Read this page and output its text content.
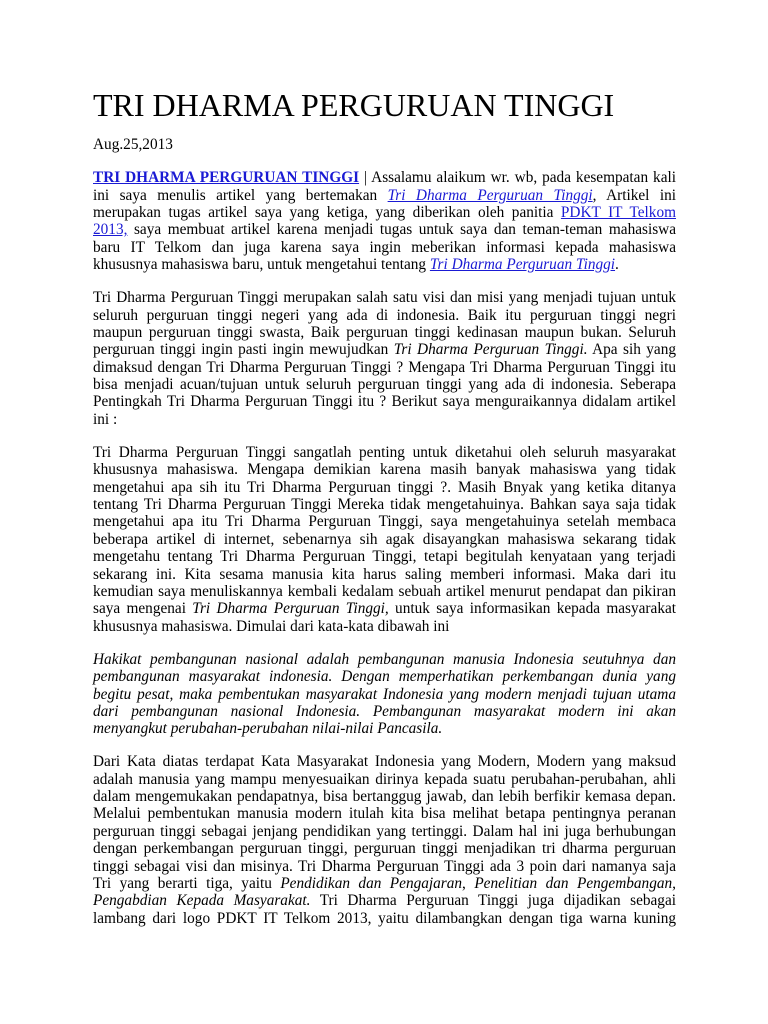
TRI DHARMA PERGURUAN TINGGI
Aug.25,2013
TRI DHARMA PERGURUAN TINGGI | Assalamu alaikum wr. wb, pada kesempatan kali
ini saya menulis artikel yang bertemakan Tri Dharma Perguruan Tinggi, Artikel ini
merupakan tugas artikel saya yang ketiga, yang diberikan oleh panitia PDKT IT Telkom
2013, saya membuat artikel karena menjadi tugas untuk saya dan teman-teman mahasiswa
baru IT Telkom dan juga karena saya ingin meberikan informasi kepada mahasiswa
khususnya mahasiswa baru, untuk mengetahui tentang Tri Dharma Perguruan Tinggi.
Tri Dharma Perguruan Tinggi merupakan salah satu visi dan misi yang menjadi tujuan untuk
seluruh perguruan tinggi negeri yang ada di indonesia. Baik itu perguruan tinggi negri
maupun perguruan tinggi swasta, Baik perguruan tinggi kedinasan maupun bukan. Seluruh
perguruan tinggi ingin pasti ingin mewujudkan Tri Dharma Perguruan Tinggi. Apa sih yang
dimaksud dengan Tri Dharma Perguruan Tinggi ? Mengapa Tri Dharma Perguruan Tinggi itu
bisa menjadi acuan/tujuan untuk seluruh perguruan tinggi yang ada di indonesia. Seberapa
Pentingkah Tri Dharma Perguruan Tinggi itu ? Berikut saya menguraikannya didalam artikel
ini :
Tri Dharma Perguruan Tinggi sangatlah penting untuk diketahui oleh seluruh masyarakat
khususnya mahasiswa. Mengapa demikian karena masih banyak mahasiswa yang tidak
mengetahui apa sih itu Tri Dharma Perguruan tinggi ?. Masih Bnyak yang ketika ditanya
tentang Tri Dharma Perguruan Tinggi Mereka tidak mengetahuinya. Bahkan saya saja tidak
mengetahui apa itu Tri Dharma Perguruan Tinggi, saya mengetahuinya setelah membaca
beberapa artikel di internet, sebenarnya sih agak disayangkan mahasiswa sekarang tidak
mengetahu tentang Tri Dharma Perguruan Tinggi, tetapi begitulah kenyataan yang terjadi
sekarang ini. Kita sesama manusia kita harus saling memberi informasi. Maka dari itu
kemudian saya menuliskannya kembali kedalam sebuah artikel menurut pendapat dan pikiran
saya mengenai Tri Dharma Perguruan Tinggi, untuk saya informasikan kepada masyarakat
khususnya mahasiswa. Dimulai dari kata-kata dibawah ini
Hakikat pembangunan nasional adalah pembangunan manusia Indonesia seutuhnya dan
pembangunan masyarakat indonesia. Dengan memperhatikan perkembangan dunia yang
begitu pesat, maka pembentukan masyarakat Indonesia yang modern menjadi tujuan utama
dari pembangunan nasional Indonesia. Pembangunan masyarakat modern ini akan
menyangkut perubahan-perubahan nilai-nilai Pancasila.
Dari Kata diatas terdapat Kata Masyarakat Indonesia yang Modern, Modern yang maksud
adalah manusia yang mampu menyesuaikan dirinya kepada suatu perubahan-perubahan, ahli
dalam mengemukakan pendapatnya, bisa bertanggug jawab, dan lebih berfikir kemasa depan.
Melalui pembentukan manusia modern itulah kita bisa melihat betapa pentingnya peranan
perguruan tinggi sebagai jenjang pendidikan yang tertinggi. Dalam hal ini juga berhubungan
dengan perkembangan perguruan tinggi, perguruan tinggi menjadikan tri dharma perguruan
tinggi sebagai visi dan misinya. Tri Dharma Perguruan Tinggi ada 3 poin dari namanya saja
Tri yang berarti tiga, yaitu Pendidikan dan Pengajaran, Penelitian dan Pengembangan,
Pengabdian Kepada Masyarakat. Tri Dharma Perguruan Tinggi juga dijadikan sebagai
lambang dari logo PDKT IT Telkom 2013, yaitu dilambangkan dengan tiga warna kuning
